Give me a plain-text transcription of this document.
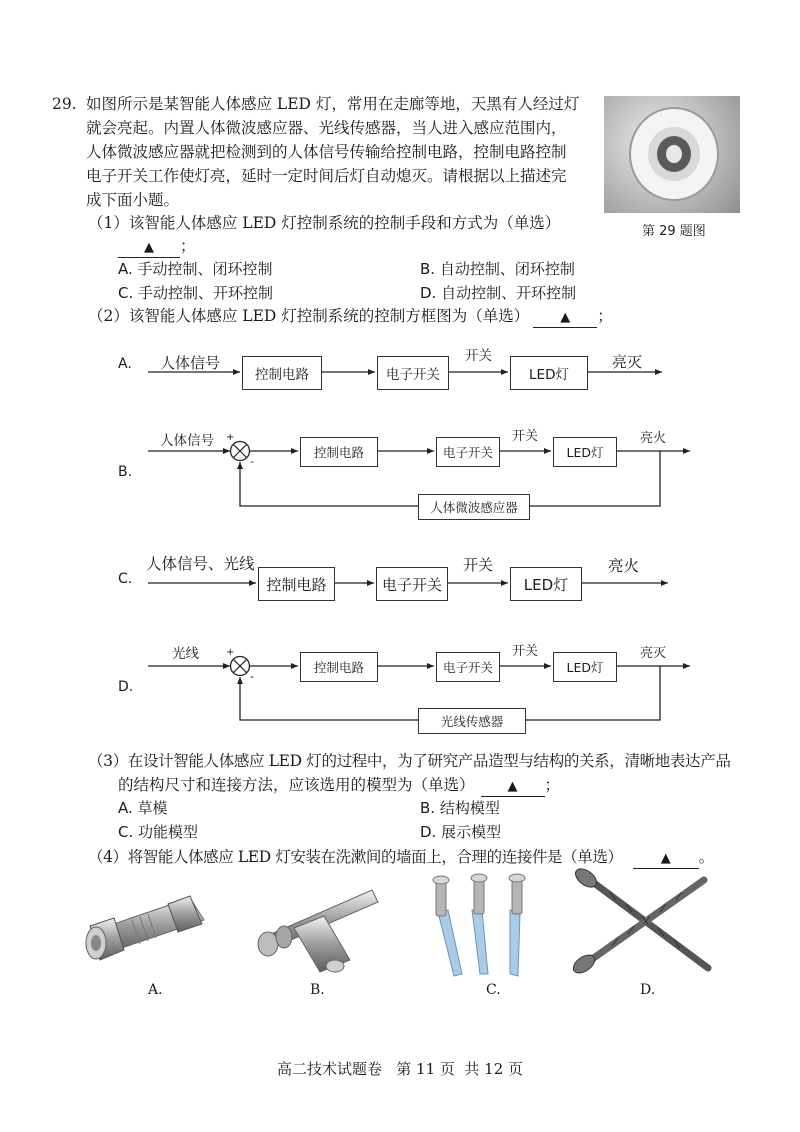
29. 如图所示是某智能人体感应 LED 灯，常用在走廊等地，天黑有人经过灯
就会亮起。内置人体微波感应器、光线传感器，当人进入感应范围内，
人体微波感应器就把检测到的人体信号传输给控制电路，控制电路控制
电子开关工作使灯亮，延时一定时间后灯自动熄灭。请根据以上描述完
成下面小题。
第 29 题图
（1）该智能人体感应 LED 灯控制系统的控制手段和方式为（单选）
▲ ；
A. 手动控制、闭环控制	B. 自动控制、闭环控制
C. 手动控制、开环控制	D. 自动控制、开环控制
（2）该智能人体感应 LED 灯控制系统的控制方框图为（单选） ▲ ；
A. 人体信号
控制电路	电子开关
开关
LED灯
亮灭
B.
人体信号 +
-
控制电路	电子开关
开关
LED灯
亮火
人体微波感应器
C.
人体信号、光线
控制电路	电子开关
开关
LED灯
亮火
D.
光线	+
-
控制电路	电子开关
开关
LED灯
亮灭
光线传感器
（3）在设计智能人体感应 LED 灯的过程中，为了研究产品造型与结构的关系，清晰地表达产品
的结构尺寸和连接方法，应该选用的模型为（单选）	▲ ；
A. 草模	B. 结构模型
C. 功能模型	D. 展示模型
（4）将智能人体感应 LED 灯安装在洗漱间的墙面上，合理的连接件是（单选）	▲ 。
A.	B.	C.	D.
高二技术试题卷   第 11 页  共 12 页
